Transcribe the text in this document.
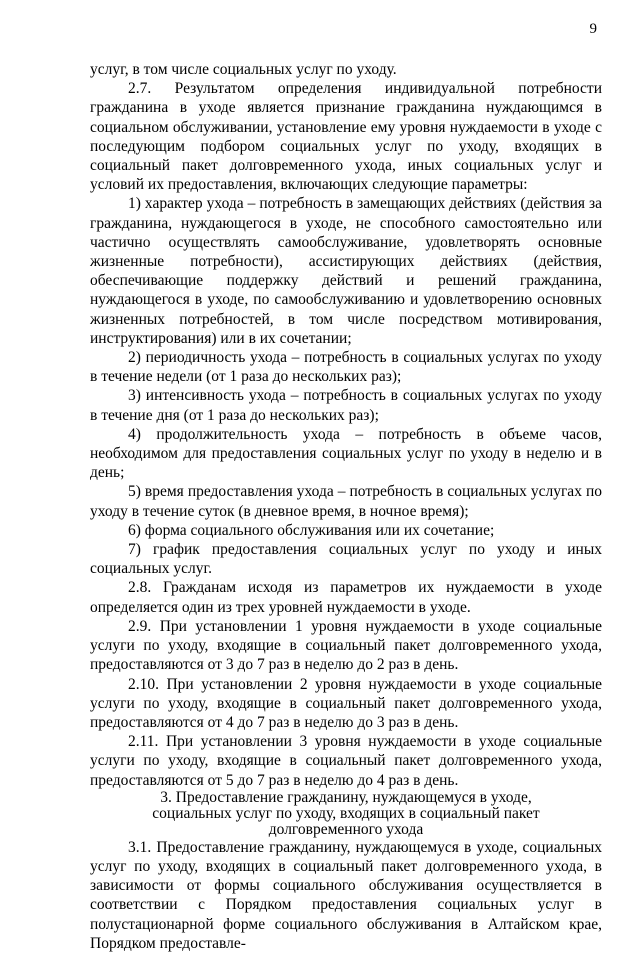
9

услуг, в том числе социальных услуг по уходу.

2.7. Результатом определения индивидуальной потребности гражданина в уходе является признание гражданина нуждающимся в социальном обслуживании, установление ему уровня нуждаемости в уходе с последующим подбором социальных услуг по уходу, входящих в социальный пакет долговременного ухода, иных социальных услуг и условий их предоставления, включающих следующие параметры:

1) характер ухода – потребность в замещающих действиях (действия за гражданина, нуждающегося в уходе, не способного самостоятельно или частично осуществлять самообслуживание, удовлетворять основные жизненные потребности), ассистирующих действиях (действия, обеспечивающие поддержку действий и решений гражданина, нуждающегося в уходе, по самообслуживанию и удовлетворению основных жизненных потребностей, в том числе посредством мотивирования, инструктирования) или в их сочетании;

2) периодичность ухода – потребность в социальных услугах по уходу в течение недели (от 1 раза до нескольких раз);

3) интенсивность ухода – потребность в социальных услугах по уходу в течение дня (от 1 раза до нескольких раз);

4) продолжительность ухода – потребность в объеме часов, необходимом для предоставления социальных услуг по уходу в неделю и в день;

5) время предоставления ухода – потребность в социальных услугах по уходу в течение суток (в дневное время, в ночное время);

6) форма социального обслуживания или их сочетание;

7) график предоставления социальных услуг по уходу и иных социальных услуг.

2.8. Гражданам исходя из параметров их нуждаемости в уходе определяется один из трех уровней нуждаемости в уходе.

2.9. При установлении 1 уровня нуждаемости в уходе социальные услуги по уходу, входящие в социальный пакет долговременного ухода, предоставляются от 3 до 7 раз в неделю до 2 раз в день.

2.10. При установлении 2 уровня нуждаемости в уходе социальные услуги по уходу, входящие в социальный пакет долговременного ухода, предоставляются от 4 до 7 раз в неделю до 3 раз в день.

2.11. При установлении 3 уровня нуждаемости в уходе социальные услуги по уходу, входящие в социальный пакет долговременного ухода, предоставляются от 5 до 7 раз в неделю до 4 раз в день.

3. Предоставление гражданину, нуждающемуся в уходе,
социальных услуг по уходу, входящих в социальный пакет
долговременного ухода

3.1. Предоставление гражданину, нуждающемуся в уходе, социальных услуг по уходу, входящих в социальный пакет долговременного ухода, в зависимости от формы социального обслуживания осуществляется в соответствии с Порядком предоставления социальных услуг в полустационарной форме социального обслуживания в Алтайском крае, Порядком предоставле-
